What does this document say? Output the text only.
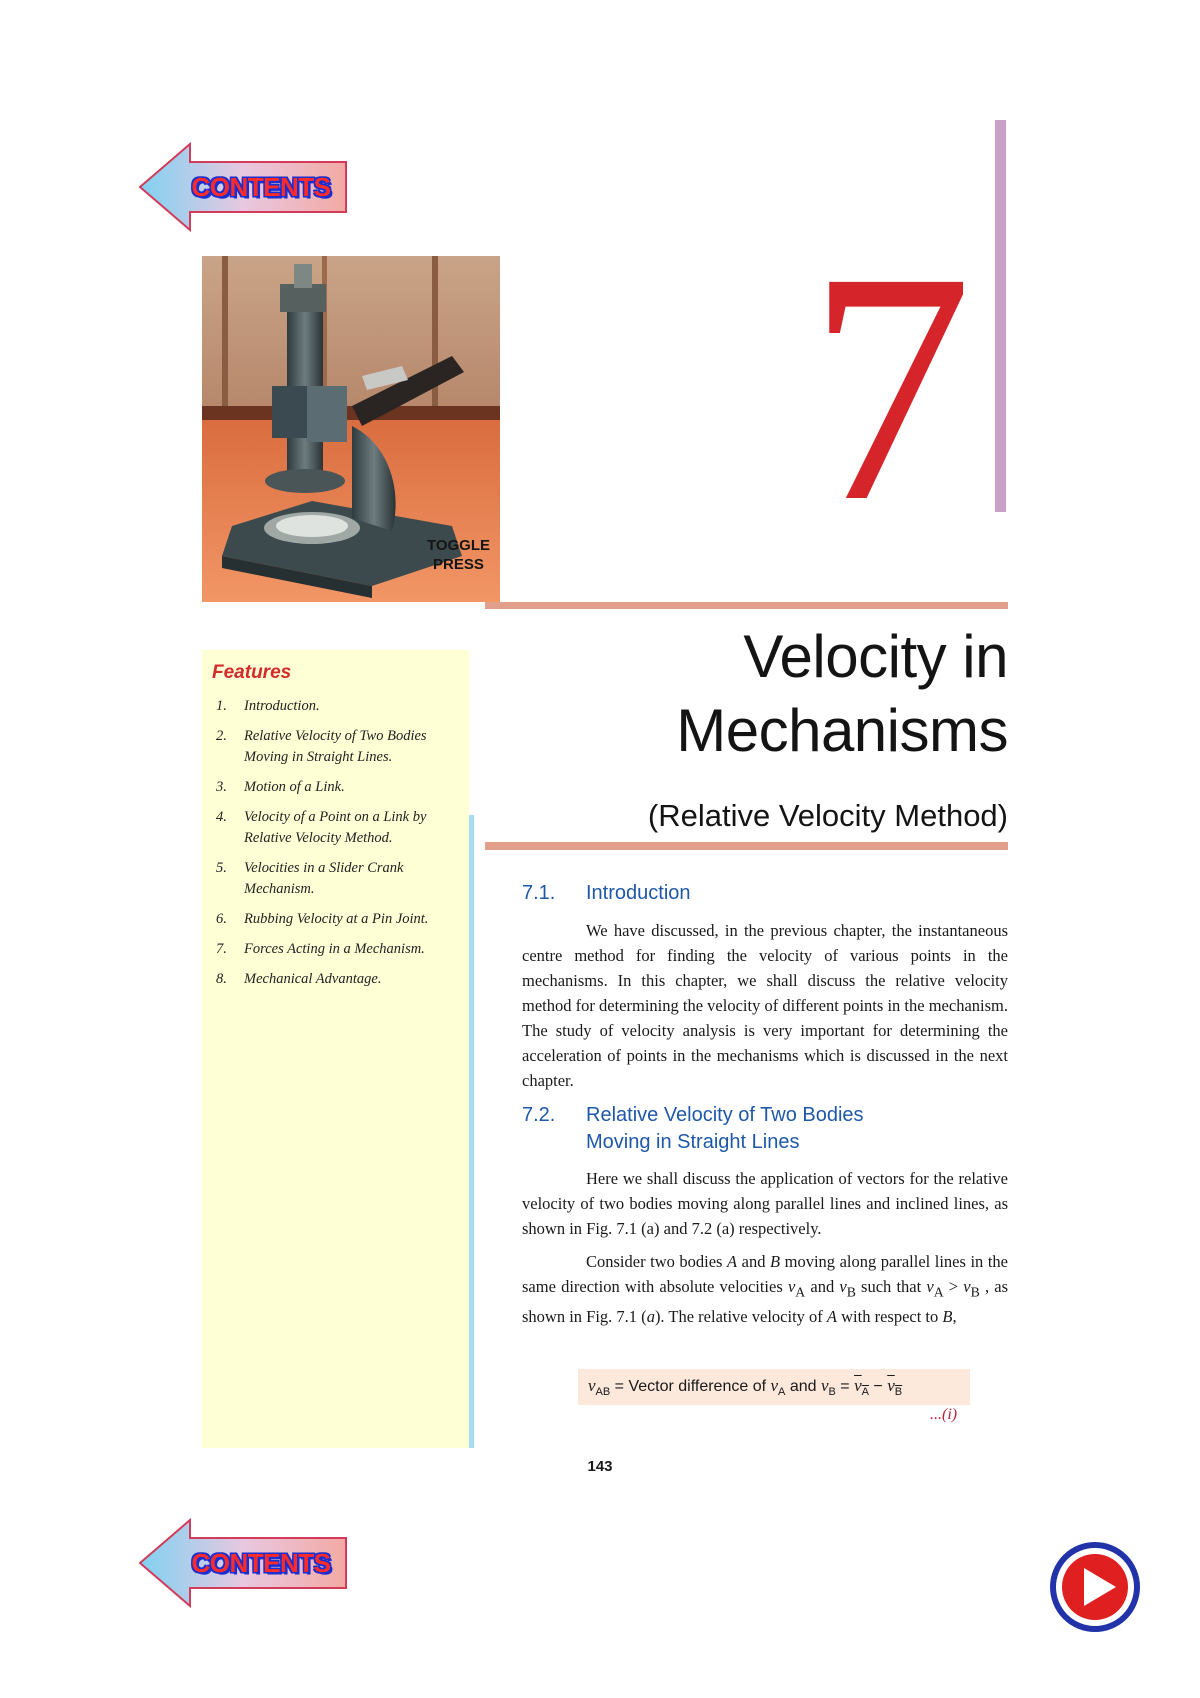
CONTENTS
TOGGLE
PRESS 7
Velocity in
Mechanisms
(Relative Velocity Method)
Features
1.	Introduction.
2.	Relative Velocity of Two Bodies Moving in Straight Lines.
3.	Motion of a Link.
4.	Velocity of a Point on a Link by Relative Velocity Method.
5.	Velocities in a Slider Crank Mechanism.
6.	Rubbing Velocity at a Pin Joint.
7.	Forces Acting in a Mechanism.
8.	Mechanical Advantage.
7.1. Introduction

We have discussed, in the previous chapter, the instantaneous centre method for finding the velocity of various points in the mechanisms. In this chapter, we shall discuss the relative velocity method for determining the velocity of different points in the mechanism. The study of velocity analysis is very important for determining the acceleration of points in the mechanisms which is discussed in the next chapter.

7.2. Relative Velocity of Two Bodies
Moving in Straight Lines

Here we shall discuss the application of vectors for the relative velocity of two bodies moving along parallel lines and inclined lines, as shown in Fig. 7.1 (a) and 7.2 (a) respectively.

Consider two bodies A and B moving along parallel lines in the same direction with absolute velocities $v_A$ and $v_B$ such that $v_A > v_B$ , as shown in Fig. 7.1 (a). The relative velocity of A with respect to B,

$v_{AB}$ = Vector difference of $v_A$ and $v_B = v_A - v_B$
...(i)
143
CONTENTS
